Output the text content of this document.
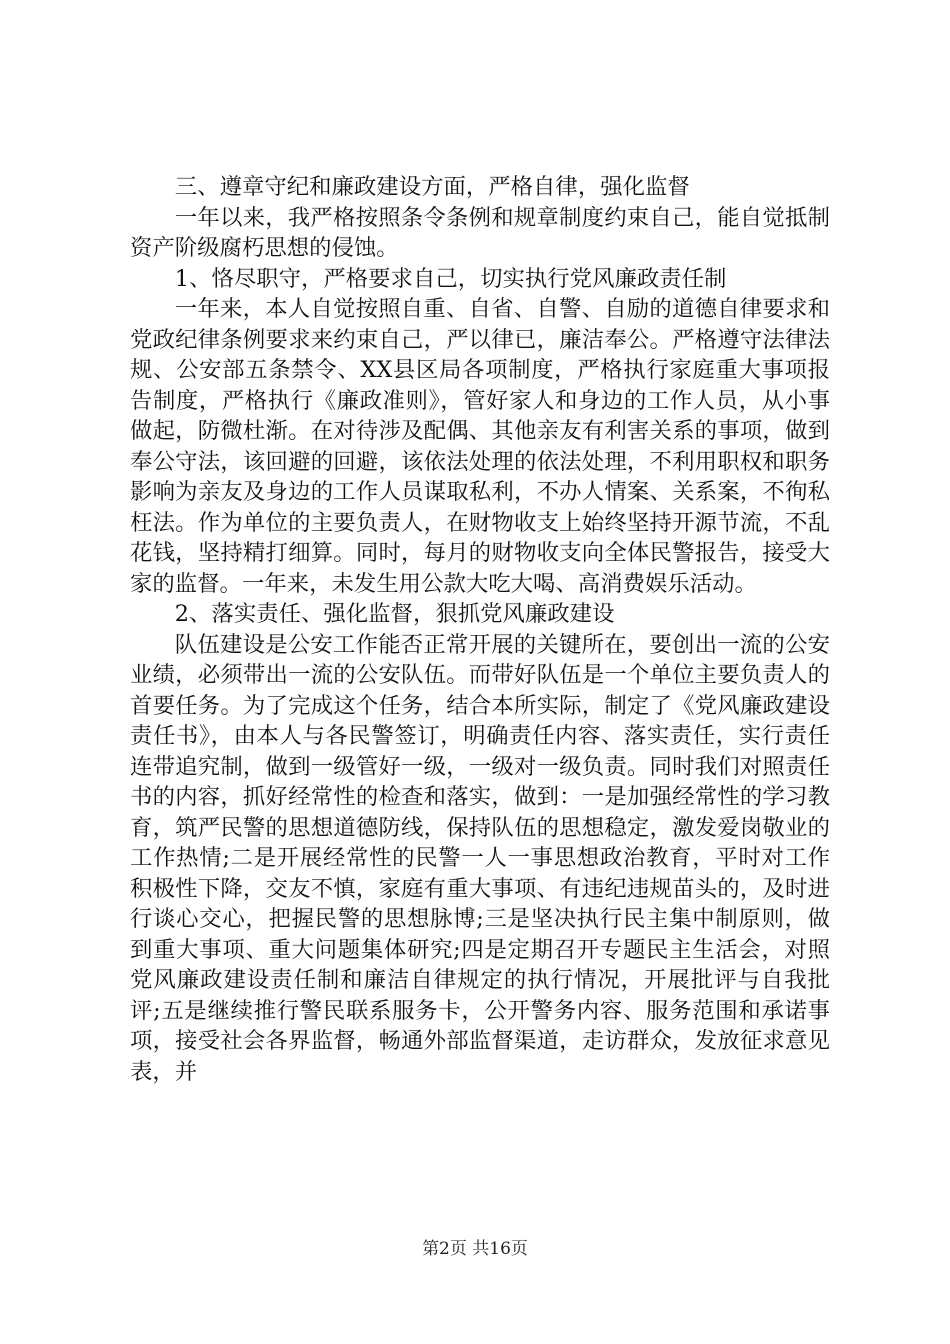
三、遵章守纪和廉政建设方面，严格自律，强化监督

一年以来，我严格按照条令条例和规章制度约束自己，能自觉抵制资产阶级腐朽思想的侵蚀。

1、恪尽职守，严格要求自己，切实执行党风廉政责任制

一年来，本人自觉按照自重、自省、自警、自励的道德自律要求和党政纪律条例要求来约束自己，严以律已，廉洁奉公。严格遵守法律法规、公安部五条禁令、XX县区局各项制度，严格执行家庭重大事项报告制度，严格执行《廉政准则》，管好家人和身边的工作人员，从小事做起，防微杜渐。在对待涉及配偶、其他亲友有利害关系的事项，做到奉公守法，该回避的回避，该依法处理的依法处理，不利用职权和职务影响为亲友及身边的工作人员谋取私利，不办人情案、关系案，不徇私枉法。作为单位的主要负责人，在财物收支上始终坚持开源节流，不乱花钱，坚持精打细算。同时，每月的财物收支向全体民警报告，接受大家的监督。一年来，未发生用公款大吃大喝、高消费娱乐活动。

2、落实责任、强化监督，狠抓党风廉政建设

队伍建设是公安工作能否正常开展的关键所在，要创出一流的公安业绩，必须带出一流的公安队伍。而带好队伍是一个单位主要负责人的首要任务。为了完成这个任务，结合本所实际，制定了《党风廉政建设责任书》，由本人与各民警签订，明确责任内容、落实责任，实行责任连带追究制，做到一级管好一级，一级对一级负责。同时我们对照责任书的内容，抓好经常性的检查和落实，做到：一是加强经常性的学习教育，筑严民警的思想道德防线，保持队伍的思想稳定，激发爱岗敬业的工作热情;二是开展经常性的民警一人一事思想政治教育，平时对工作积极性下降，交友不慎，家庭有重大事项、有违纪违规苗头的，及时进行谈心交心，把握民警的思想脉博;三是坚决执行民主集中制原则，做到重大事项、重大问题集体研究;四是定期召开专题民主生活会，对照党风廉政建设责任制和廉洁自律规定的执行情况，开展批评与自我批评;五是继续推行警民联系服务卡，公开警务内容、服务范围和承诺事项，接受社会各界监督，畅通外部监督渠道，走访群众，发放征求意见表，并

第2页 共16页
